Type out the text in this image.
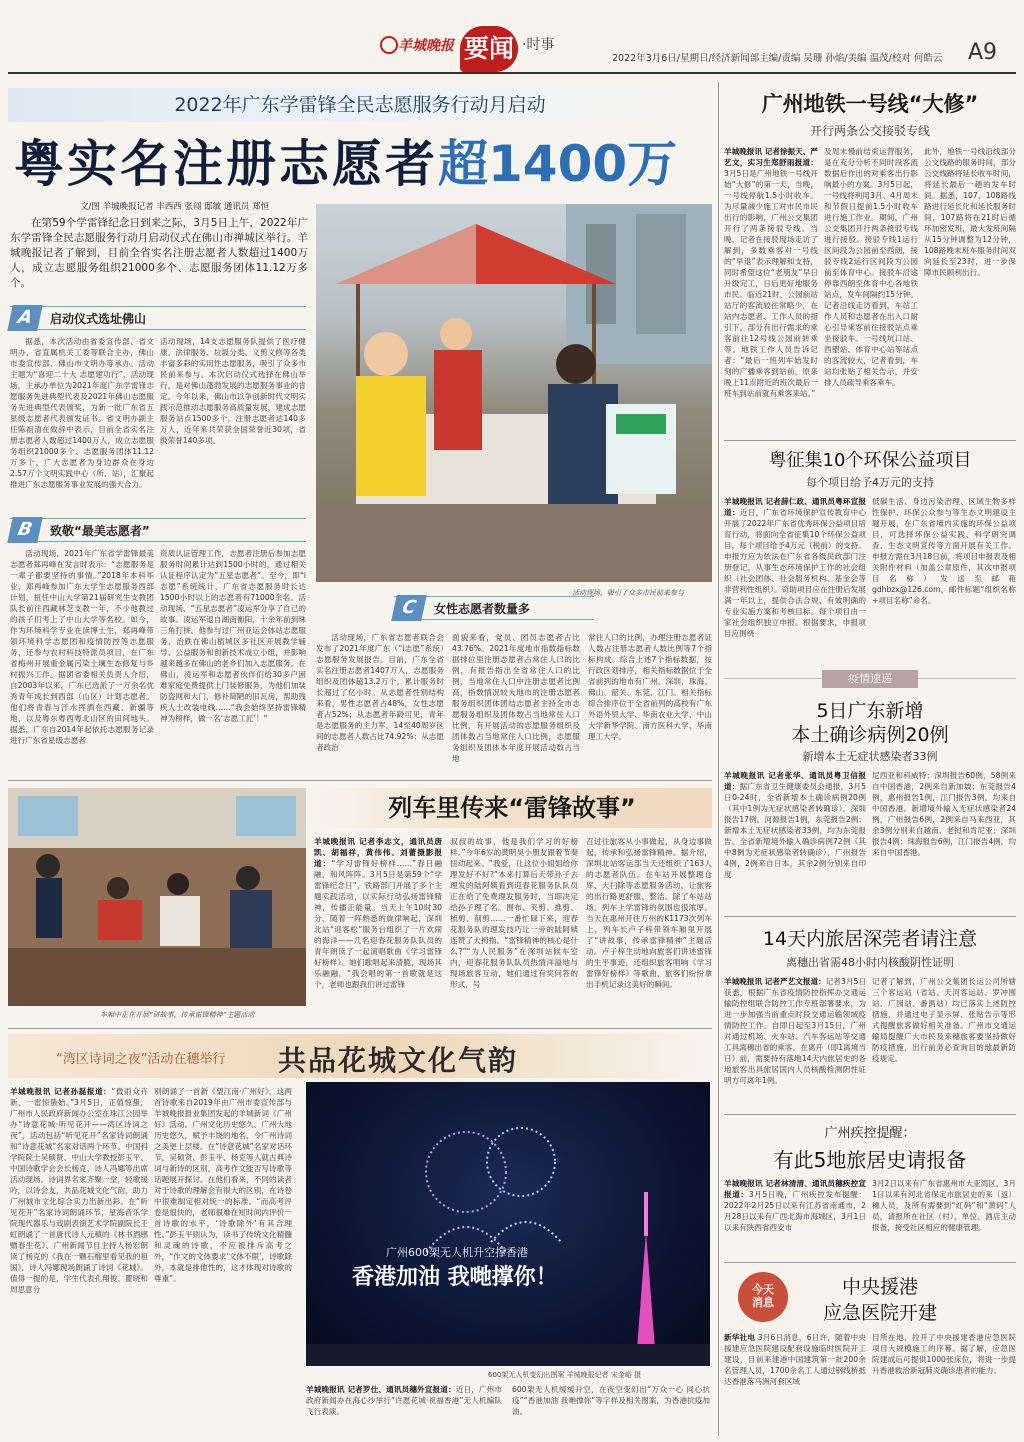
羊城晚报 要闻 ·时事
2022年3月6日/星期日/经济新闻部主编/责编 吴珊 孙焰/美编 温茂/校对 何皓云 A9
2022年广东学雷锋全民志愿服务行动月启动
粤实名注册志愿者超1400万
文/图 羊城晚报记者 丰西西 张闯 邸敏 通讯员 郑恒
在第59个学雷锋纪念日到来之际，3月5日上午，2022年广东学雷锋全民志愿服务行动月启动仪式在佛山市禅城区举行。羊城晚报记者了解到，目前全省实名注册志愿者人数超过1400万人，成立志愿服务组织21000多个、志愿服务团体11.12万多个。
A	启动仪式选址佛山
据悉，本次活动由省委宣传部、省文明办、省直属机关工委等联合主办，佛山市委宣传部、佛山市文明办等承办。活动主题为“喜迎二十大 志愿建功行”，活动现场，主承办单位为2021年度广东学雷锋志愿服务先进典型代表及2021年佛山志愿服务先进典型代表颁奖，为新一批广东省五星级志愿者代表颁发证书。省文明办副主任陈祖清在致辞中表示，目前全省实名注册志愿者人数超过1400万人，成立志愿服务组织21000多个、志愿服务团体11.12万多个，广大志愿者为身边群众在身边2.57万个文明实践中心（所、站），汇聚起推进广东志愿服务事业发展的强大合力。
活动现场，14支志愿服务队提供了医疗健康、法律服务、垃圾分类、义剪义修等各类丰富多彩的实用性志愿服务，吸引了众多市民前来参与。本次启动仪式选择在佛山举行，是对佛山蓬勃发展的志愿服务事业的肯定。今年以来，佛山市以争创新时代文明实践示范推动志愿服务高质量发展，建成志愿服务站点1500多个，注册志愿者达140多万人，近年来共荣获全国荣誉近30项，省级荣誉140多项。
B	致敬“最美志愿者”
活动现场，2021年广东省学雷锋最美志愿者郑再峰在发言时表示：“志愿服务是一辈子都要坚持的事情。”2018年本科毕业，郑再峰参加广东大学生志愿服务西部计划，扭任中山大学第21届研究生支教团队长前往西藏林芝支教一年，不少他教过的孩子们考上了中山大学等名校。如今，作为环境科学专业在读博士生，郑再峰带领环境科学志愿团和疫情防控等志愿服务，还参与农村科技特派员项目，在广东省梅州开展重金属污染土壤生态修复与乡村振兴工作。据团省委相关负责人介绍，自2003年以来，广东已选派了一万余名优秀青年成长到西部（山区）计划志愿者。他们将青春与汗水挥洒在西藏、新疆等地，以及粤东粤西粤北山区的田间地头。据悉，广东自2014年起依托志愿服务记录进行广东省星级志愿者
资质认证管理工作，志愿者注册后参加志愿服务时间累计达到1500小时的，通过相关认证程序认定为“五星志愿者”。至今，即“i志愿”系统统计，广东省志愿服务时长达1500小时以上的志愿者有71000余名。活动现场，“五星志愿者”凌运军分享了自己的故事。凌运军退自湖南衡阳，十余年前到珠三角打拼。他参与过广州亚运会体站志愿服务，治跌在佛山植城区多社区开展教学辅导、公益服务和创新技术成立小组，并影响越来越多在佛山的老乡们加入志愿服务。在佛山，凌运军和志愿者伙伴们给30多户困难家庭免费提供上门装修服务，为他们加装防盗网和大门，修补简陋的旧瓦房，帮助残疾人士改装电线……“我会始终坚持雷锋精神为榜样，做一名‘志愿工匠’！”
活动现场，吸引了众多市民前来参与
C	女性志愿者数量多
活动现场，广东省志愿者联合会发布了2021年度广东（“i志愿”系统）志愿服务发展报告。目前，广东全省实名注册志愿者1407万人，志愿服务组织及团体超13.2万个，累计服务时长超过了亿小时。从志愿者性别结构来看，男性志愿者占48%，女性志愿者占52%；从志愿者年龄可见，青年是志愿服务的主力军，14至40周岁区间的志愿者人数占比74.92%；从志愿者政治
面貌来看，党员、团员志愿者占比43.76%。2021年度地市指数指标数据排位里注册志愿者占常住人口的比例，有报告指出全省常住人口的比例，当地常住人口中注册志愿者比例高，指数情况较大地市的注册志愿者服务组织团体团结志愿者主持全市志愿服务组织及团体数占当地常住人口比例，有开展活动的志愿服务组织及团体数占当地常住人口比例，志愿服务组织及团体本年度开展活动数占当地
常住人口的比例，办理注册志愿者证人数占注册志愿者人数比例等7个指标构成。综合上述7个指标数据，按行政区划排序，相关指标数据位于全省前列的地市有广州、深圳、珠海、佛山、韶关、东莞、江门。相关指标综合排序位于全省前列的高校有广东外语外贸大学、华南农业大学、中山大学新华学院、南方医科大学、华南理工大学。
车厢中正在开展“讲故事，传承雷锋精神”主题活动
列车里传来“雷锋故事”
羊城晚报讯 记者李志文，通讯员唐凯、胡福祥，黄伟伟、刘蕾摄影报道：“学习雷锋好榜样……”春日融融，和风阵阵。3月5日是第59个“学雷锋纪念日”，铁路部门开展了多个主题实践活动，以实际行动弘扬雷锋精神，传播正能量。当天上午10时30分，随着一阵熟悉的旋律响起，深圳北站“迎客松”服务台组织了一片欢闹的海洋——几名迎春花服务队队员的青年朗读了一起演唱歌曲《学习雷锋好榜样》。她们歌唱起来清脆，现场其乐融融，“我会唱的第一首歌就是这个，老师也跟我们讲过雷锋
叔叔的故事，他是我们学习的好榜样。”今年6岁的黄明昊小朋友跟着节奏扭动起来。“我爱，让这位小姐姐给你理发好不好?”本来打算后天带孙子去理发的陆阿姨看到迎春花服务队队员正在给了免费理发服务时，当即决定给孙子理了名。围布、夹剪、推剪、梳剪、削剪……一番忙碌下来，迎春花服务队的理发技巧让一旁的陆阿姨连赞了大拇指。“雷锋精神的核心是什么?”“为人民服务”在深圳站候车室内，迎春花服务队队员热情洋溢地与现场旅客互动，她们通过有奖问答的形式，号
召过往旅客从小事做起，从身边事做起，传承和弘扬雷锋精神。据介绍，深圳北站客运部当天还组织了163人的志愿者队伍，在车站开展整理仓库、大扫除等志愿服务活动，让旅客的出行路更舒服、整洁。除了车站站场，列车上学雷锋的氛围也很浓厚。当天在惠州开往万州的K1173次列车上，列车长卢子梓带领车厢里开展了“讲故事，传承雷锋精神”主题活动。卢子梓生动地向旅客们讲述雷锋的生平事迹，还组织旅客唱响《学习雷锋好榜样》等歌曲，旅客们纷纷拿出手机记录这美好的瞬间。
“湾区诗词之夜”活动在穗举行 共品花城文化气韵
羊城晚报讯 记者孙磊报道：“微雨众卉新，一雷惊蛰始。”3月5日，正值惊蛰，广州市人民政府新闻办公室在珠江公园举办“诗意花城·听见花开——湾区诗词之夜”，活动包括“听见花开”名家诗词朗诵和“诗意花城”名家对话两个环节。中国科学院院士吴硕贤、中山大学教授彭玉平、中国诗歌学会会长杨克、诗人冯娜等出席活动现场。诗词界名家齐聚一堂，轻歌缓吟，以诗会友，共品花城文化气韵，助力广州城市文化综合实力出新出彩。在“听见花开”名家诗词朗诵环节，星海音乐学院现代器乐与戏剧表演艺术学院副院长王虹朗诵了一首唐代诗人元稹的《林书酒感赠春生花》、广州新闻节目主持人杨宏朗读了杨克的《我在一颗石榴里看见我的祖国》，诗人冯娜现场朗诵了诗词《花城》。值得一提的是，学生代表孔翔俊、瞿晓和周思意分
别朗诵了一首新《望江南·广州好》，这两首诗歌来自2019年由广州市委宣传部与羊城晚报报业集团发起的羊城新词《广州好》活动。广州文化历史悠久、广州大地历史悠久，赋予丰饶的地名，令广州诗词之美更上层楼。在“诗意花城”名家对话环节，吴硕贤、彭玉平、杨克等人就古典诗词与新诗的区别，高考作文能否写诗歌等话题展开探讨。在他们看来，不同的读者对于诗歌的理解会有很大的区别，在诗卷中很难制定相对统一的标准。“而高考评卷是很快的，老师很难在短时间内评价一首诗歌的水平，‘诗歌除外’有其合理性。”彭玉平则认为，读书了传统文化精髓和灵魂的诗歌，不应被排斥高考之外，“作文的文体要求‘文体不限’，诗歌除外，本就是排他性的，这才体现对诗歌的尊重”。
广州600架无人机升空撑香港
香港加油 我哋撑你！
600架无人机变幻出图案 羊城晚报记者 宋金峪 摄
羊城晚报讯 记者罗仕、通讯员穗外宣报道：近日，广州市政府新闻办在海心沙举行“许愿花城·祝福香港”无人机编队飞行表演。
600架无人机缓缓升空，在夜空变幻出“万众一心 同心抗疫”“香港加油 我哋撑你”等字样及相关图案，为香港抗疫加油。
广州地铁一号线“大修”
开行两条公交接驳专线
羊城晚报讯 记者徐振天、严艺文，实习生郑舒雨报道：3月5日是广州地铁一号线开始“大修”的第一天，当晚，一号线停航1.5小时收车。为尽量减少施工对市民市民出行的影响，广州公交集团开行了两条接驳专线。当晚，记者在接驳现场走访了解到，多数乘客对一号线的“早退”表示理解和支持，同时希望这位“老朋友”早日升级完工，日后更好地服务市民。临近21时，公园前站站厅的客流较往常略少，在站内志愿者、工作人员的指引下，部分有出行需求的乘客前往12号线公园前转乘等。地铁工作人员告诉记者：“最后一班列车始发时刻的广播乘客到站前，原来晚上11点附近的班次最后一班车到站前就有乘客来站。”
及周末慢前结束运营服务，是在充分分析不同时段客流数据后作出的对乘客出行影响最小的方案。3月5日起，一号线将利用3月、4月周末和节假日提前1.5小时收车进行施工作业。期间，广州公交集团开行两条接驳专线进行接驳。接驳专线1运行区间段为公园前至西朗，接驳专线2运行区间段为公园前至体育中心。接驳车沿途停靠西朗至体育中心各地铁站点，发车间隔约15分钟。记者沿线走访看到，车站工作人员和志愿者在出入口耐心引导乘客前往接驳站点乘坐接驳车。一号线坑口站、西塱站、体育中心站等站点的客流较大，记者看到，车站均张贴了相关告示，并安排人员疏导乘客乘车。
此外，地铁一号线沿线部分公交线路的服务时间，部分公交线路将延长收车时间，将延长最后一趟的发车时间。据悉，107、108路线路进行延长化和延长服务时间，107路将在21时后循环加密发班，最大发班间隔从15分钟调整为12分钟，108路晚末班车服务时间双向延长至23时，进一步保障市民顺利出行。
粤征集10个环保公益项目
每个项目给予4万元的支持
羊城晚报讯 记者薛仁政、通讯员粤环宣报道：近日，广东省环境保护宣传教育中心开展了2022年广东省优秀环保公益项目培育行动，将面向全省征集10个环保公益项目，每个项目给予4万元（税前）的支持。申报方应为依法在广东省各级民政部门注册登记，从事生态环境保护工作的社会组织（社会团体、社会服务机构、基金会等非营利性组织）。资助项目应在注册后发展满一年以上，提供合法合规、有效明确的专业实施方案和考核目标。每个项目由一家社会组织独立申报。根据要求，申报项目应围绕
低碳生活、身边污染治理、区域生物多样性保护、环保公众参与等生态文明建设主题开展，在广东省境内实施的环保公益项目，可选择环保公益实践、科学研究调查、生态文明宣传等方面开展有关工作。申报方需在3月18日前，将项目申报表及相关附件材料（加盖公章原件，其次申报项目名称）发送至邮箱gdhbzx@126.com，邮件标题“组织名称+项目名称”命名。
疫情速递
5日广东新增
本土确诊病例20例
新增本土无症状感染者33例
羊城晚报讯 记者张华、通讯员粤卫信报道：据广东省卫生健康委员会通报，3月5日0-24时，全省新增本土确诊病例20例（其中1例为无症状感染者转确诊），深圳报告17例，河源报告1例，东莞报告2例；新增本土无症状感染者33例，均为东莞报告。全省新增境外输入确诊病例72例（其中8例为无症状感染者转确诊），广州报告4例，2例来自日本，其余2例分别来自印度
尼西亚和科威特；深圳报告60例，58例来自中国香港，2例来自新加坡；东莞报告4例，惠州报告1例，江门报告3例，均来自中国香港。新增境外输入无症状感染者24例，广州报告6例，2例来自马来西亚，其余3例分别来自越南、老挝和肯尼亚；深圳报告4例；珠海报告6例，江门报告4例，均来自中国香港。
14天内旅居深莞者请注意
离穗出省需48小时内核酸阴性证明
羊城晚报讯 记者严艺文报道：记者3月5日获悉，根据广东省疫情防控指挥办交通运输防控组联合防控工作专班部署要求，为进一步加强当前重点时段交通运输领域疫情防控工作，自即日起至3月15日，广州对通过机场、火车站、汽车客运站等交通工具离穗出省的乘客，在离开（即1离境当日）前，需要持有落地14天内旅居史的各地旅客出具旅居国内人员核酸检测阴性证明方可离年1例。
记者了解到，广州公交集团长运公司所辖三个客运站（省站、天河客运站、罗冲围站、广园站、番禺站）均已落实上述防控措施，并通过电子显示屏、张贴告示等形式提醒旅客做好相关准备。广州市交通运输局提醒广大市民及来穗旅客要坚持做好防疫措施，出行前务必查询目的地最新防疫规定。
广州疾控提醒：
有此5地旅居史请报备
羊城晚报讯 记者林清清、通讯员穗疾控宣报道：3月5日晚，广州疾控发布提醒：2022年2月25日以来有江苏省南通市，2月28日以来有广西北海市海城区，3月1日以来有陕西省西安市
3月2日以来有广东省惠州市大亚湾区，3月1日以来有河北省保定市旅居史的来（返）穗人员，及所有需要到“红码”和“黄码”人员，请报所在社区（村）、单位、酒店主动报备，接受社区相应的健康管理。
今天
消息
中央援港
应急医院开建
新华社电 3月6日消息，6日许，随着中央援建应急医院建设配套设施临时医院开工建设，目前来建港中国建筑第一批200余名管理人员，1700余名工人通过钢线桥抵达香港落马洲河套区域
目所在地，拉开了中央援建香港应急医院项目大规模施工的序幕。据了解，应急医院建成后可提供1000张床位，将进一步提升香港救治新冠肺炎确诊患者的能力。
